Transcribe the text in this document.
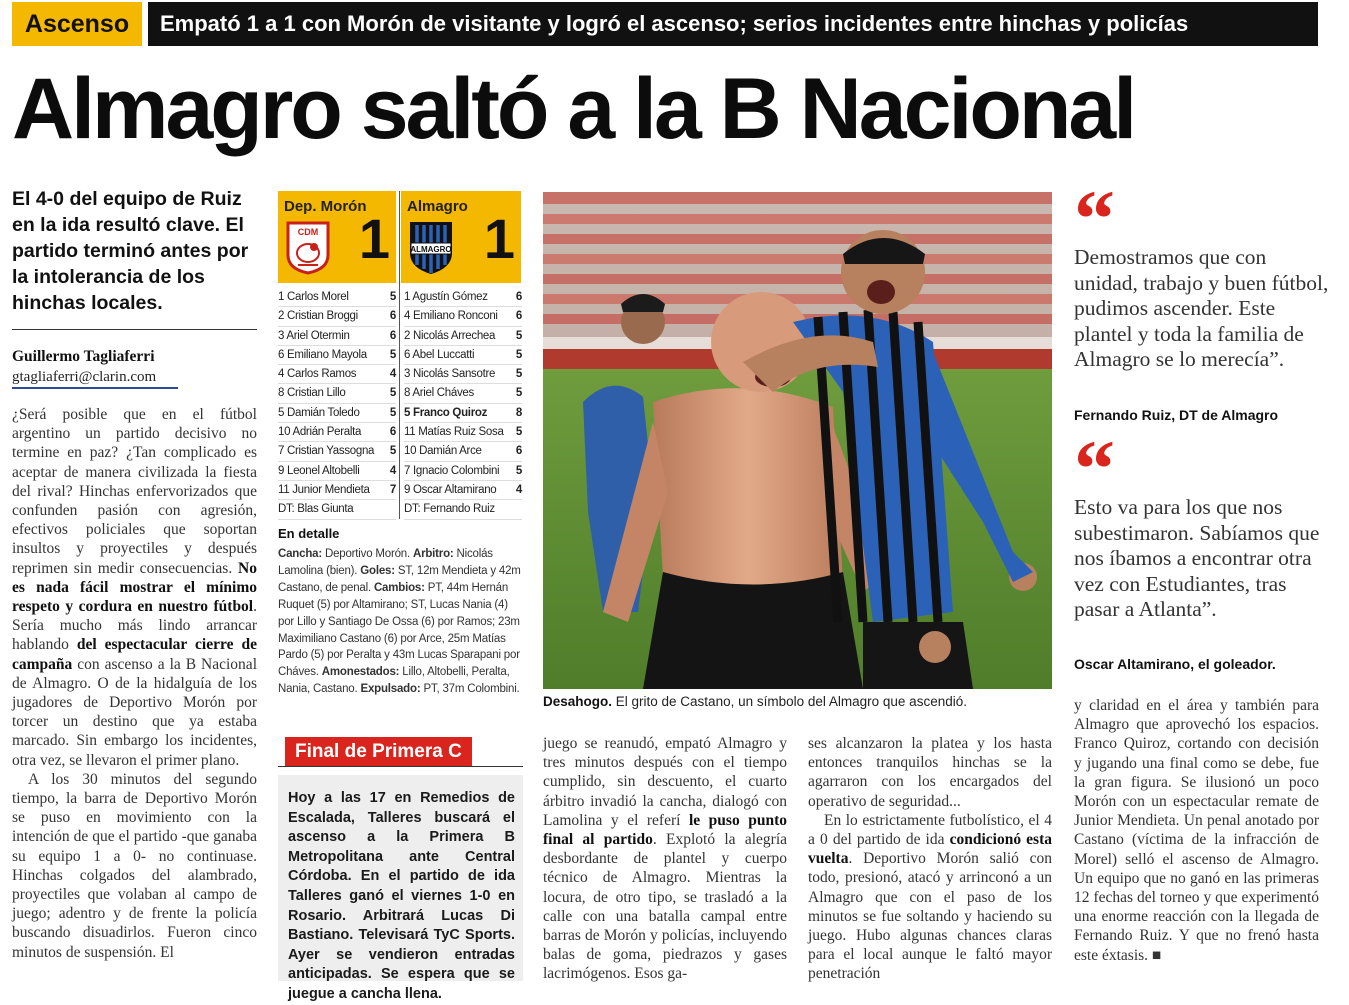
Ascenso	Empató 1 a 1 con Morón de visitante y logró el ascenso; serios incidentes entre hinchas y policías
Almagro saltó a la B Nacional
El 4-0 del equipo de Ruiz en la ida resultó clave. El partido terminó antes por la intolerancia de los hinchas locales.
Guillermo Tagliaferri
gtagliaferri@clarin.com

¿Será posible que en el fútbol argentino un partido decisivo no termine en paz? ¿Tan complicado es aceptar de manera civilizada la fiesta del rival? Hinchas enfervorizados que confunden pasión con agresión, efectivos policiales que soportan insultos y proyectiles y después reprimen sin medir consecuencias. No es nada fácil mostrar el mínimo respeto y cordura en nuestro fútbol. Sería mucho más lindo arrancar hablando del espectacular cierre de campaña con ascenso a la B Nacional de Almagro. O de la hidalguía de los jugadores de Deportivo Morón por torcer un destino que ya estaba marcado. Sin embargo los incidentes, otra vez, se llevaron el primer plano.

A los 30 minutos del segundo tiempo, la barra de Deportivo Morón se puso en movimiento con la intención de que el partido -que ganaba su equipo 1 a 0- no continuase. Hinchas colgados del alambrado, proyectiles que volaban al campo de juego; adentro y de frente la policía buscando disuadirlos. Fueron cinco minutos de suspensión. El

Dep. Morón
CDM 1
Almagro
ALMAGRO 1
1 Carlos Morel	5
2 Cristian Broggi	6
3 Ariel Otermin	6
6 Emiliano Mayola 5
4 Carlos Ramos	4
8 Cristian Lillo	5
5 Damián Toledo	5
10 Adrián Peralta	6
7 Cristian Yassogna 5
9 Leonel Altobelli	4
11 Junior Mendieta 7
DT: Blas Giunta
1 Agustín Gómez 6
4 Emiliano Ronconi 6
2 Nicolás Arrechea 5
6 Abel Luccatti	5
3 Nicolás Sansotre 5
8 Ariel Cháves	5
5 Franco Quiroz	8
11 Matías Ruiz Sosa 5
10 Damián Arce	6
7 Ignacio Colombini 5
9 Oscar Altamirano 4
DT: Fernando Ruiz
En detalle
Cancha: Deportivo Morón. Arbitro: Nicolás Lamolina (bien). Goles: ST, 12m Mendieta y 42m Castano, de penal. Cambios: PT, 44m Hernán Ruquet (5) por Altamirano; ST, Lucas Nania (4) por Lillo y Santiago De Ossa (6) por Ramos; 23m Maximiliano Castano (6) por Arce, 25m Matías Pardo (5) por Peralta y 43m Lucas Sparapani por Cháves. Amonestados: Lillo, Altobelli, Peralta, Nania, Castano. Expulsado: PT, 37m Colombini.
Final de Primera C
Hoy a las 17 en Remedios de Escalada, Talleres buscará el ascenso a la Primera B Metropolitana ante Central Córdoba. En el partido de ida Talleres ganó el viernes 1-0 en Rosario. Arbitrará Lucas Di Bastiano. Televisará TyC Sports. Ayer se vendieron entradas anticipadas. Se espera que se juegue a cancha llena.
Desahogo. El grito de Castano, un símbolo del Almagro que ascendió.

juego se reanudó, empató Almagro y tres minutos después con el tiempo cumplido, sin descuento, el cuarto árbitro invadió la cancha, dialogó con Lamolina y el referí le puso punto final al partido. Explotó la alegría desbordante de plantel y cuerpo técnico de Almagro. Mientras la locura, de otro tipo, se trasladó a la calle con una batalla campal entre barras de Morón y policías, incluyendo balas de goma, piedrazos y gases lacrimógenos. Esos ga-

ses alcanzaron la platea y los hasta entonces tranquilos hinchas se la agarraron con los encargados del operativo de seguridad...

En lo estrictamente futbolístico, el 4 a 0 del partido de ida condicionó esta vuelta. Deportivo Morón salió con todo, presionó, atacó y arrinconó a un Almagro que con el paso de los minutos se fue soltando y haciendo su juego. Hubo algunas chances claras para el local aunque le faltó mayor penetración

y claridad en el área y también para Almagro que aprovechó los espacios. Franco Quiroz, cortando con decisión y jugando una final como se debe, fue la gran figura. Se ilusionó un poco Morón con un espectacular remate de Junior Mendieta. Un penal anotado por Castano (víctima de la infracción de Morel) selló el ascenso de Almagro. Un equipo que no ganó en las primeras 12 fechas del torneo y que experimentó una enorme reacción con la llegada de Fernando Ruiz. Y que no frenó hasta este éxtasis. ■

“
Demostramos que con unidad, trabajo y buen fútbol, pudimos ascender. Este plantel y toda la familia de Almagro se lo merecía”.
Fernando Ruiz, DT de Almagro
“
Esto va para los que nos subestimaron. Sabíamos que nos íbamos a encontrar otra vez con Estudiantes, tras pasar a Atlanta”.
Oscar Altamirano, el goleador.
